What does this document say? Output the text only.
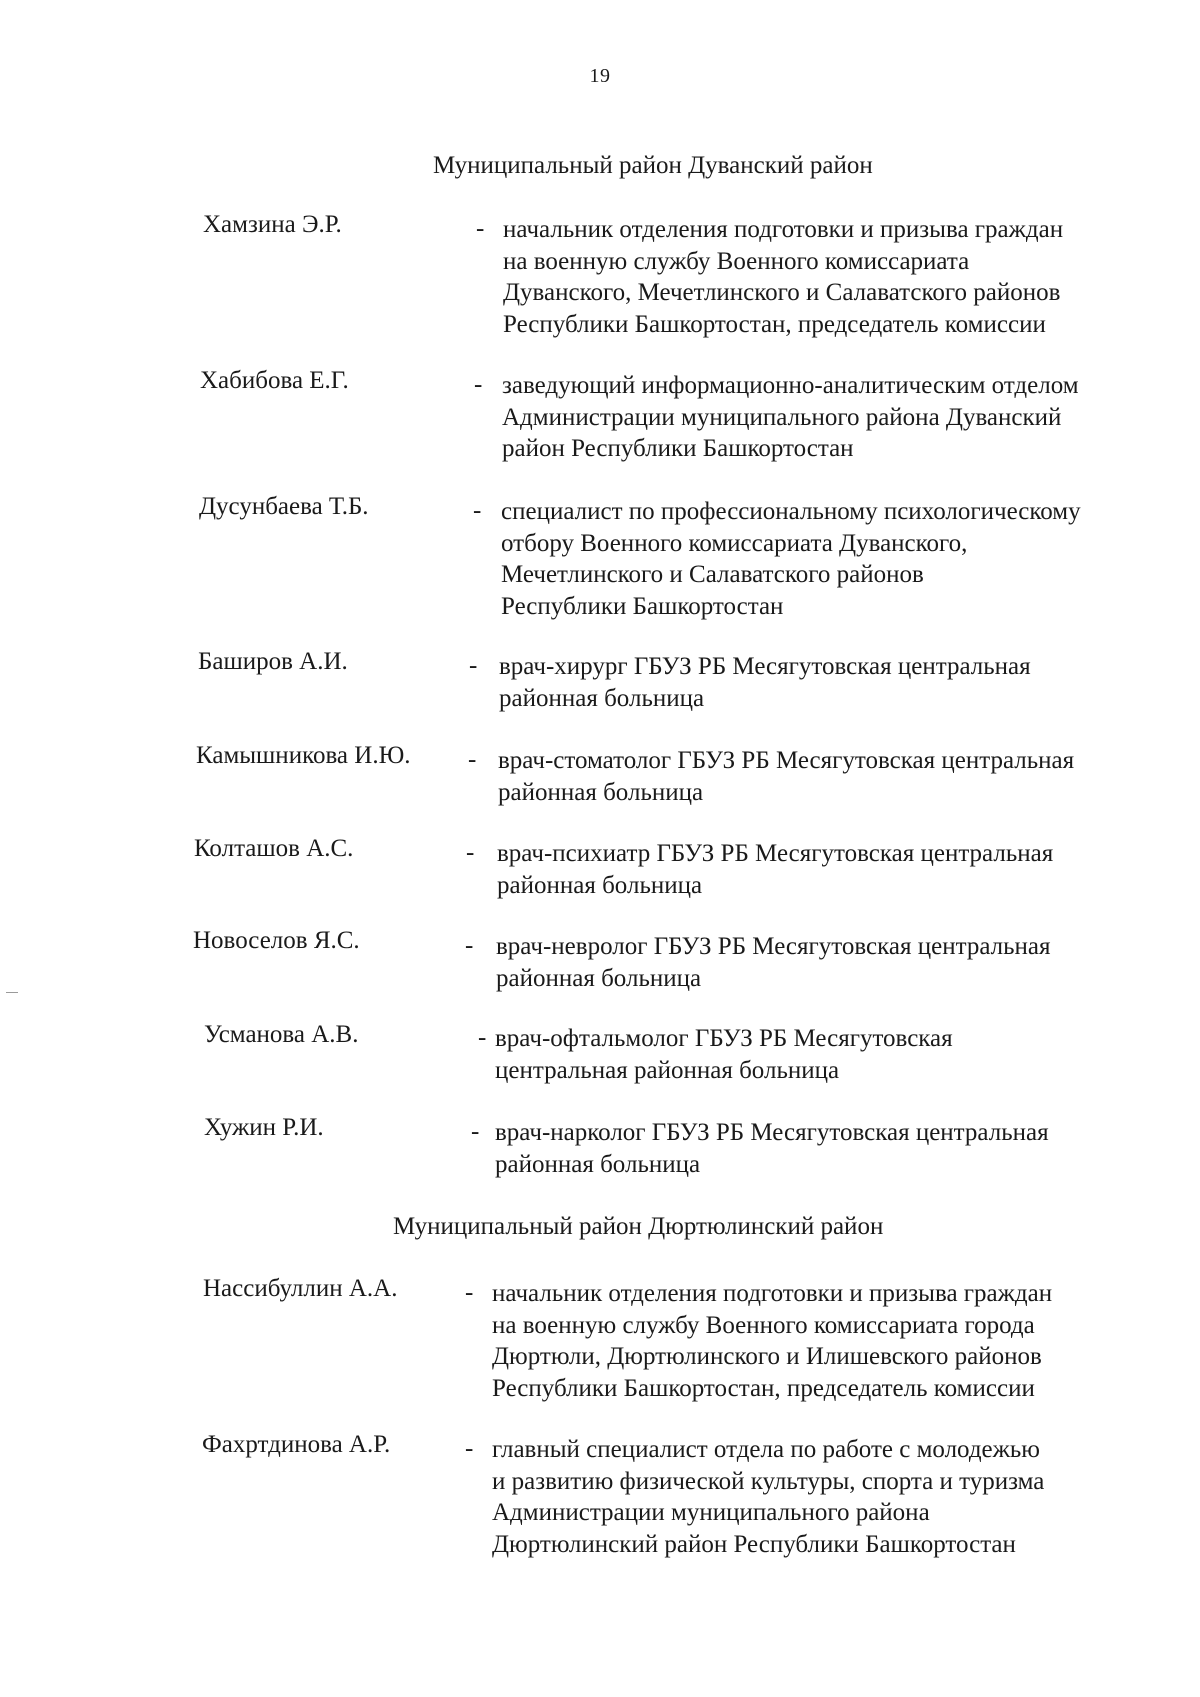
19
Муниципальный район Дуванский район
Хамзина Э.Р.	- начальник отделения подготовки и призыва граждан
на военную службу Военного комиссариата
Дуванского, Мечетлинского и Салаватского районов
Республики Башкортостан, председатель комиссии
Хабибова Е.Г.	- заведующий информационно-аналитическим отделом
Администрации муниципального района Дуванский
район Республики Башкортостан
Дусунбаева Т.Б.	- специалист по профессиональному психологическому
отбору Военного комиссариата Дуванского,
Мечетлинского и Салаватского районов
Республики Башкортостан
Баширов А.И.	- врач-хирург ГБУЗ РБ Месягутовская центральная
районная больница
Камышникова И.Ю. - врач-стоматолог ГБУЗ РБ Месягутовская центральная
районная больница
Колташов А.С.	- врач-психиатр ГБУЗ РБ Месягутовская центральная
районная больница
Новоселов Я.С.	- врач-невролог ГБУЗ РБ Месягутовская центральная
районная больница
Усманова А.В.	- врач-офтальмолог ГБУЗ РБ Месягутовская
центральная районная больница
Хужин Р.И.	- врач-нарколог ГБУЗ РБ Месягутовская центральная
районная больница
Муниципальный район Дюртюлинский район
Нассибуллин А.А.	- начальник отделения подготовки и призыва граждан
на военную службу Военного комиссариата города
Дюртюли, Дюртюлинского и Илишевского районов
Республики Башкортостан, председатель комиссии
Фахртдинова А.Р.	- главный специалист отдела по работе с молодежью
и развитию физической культуры, спорта и туризма
Администрации муниципального района
Дюртюлинский район Республики Башкортостан
